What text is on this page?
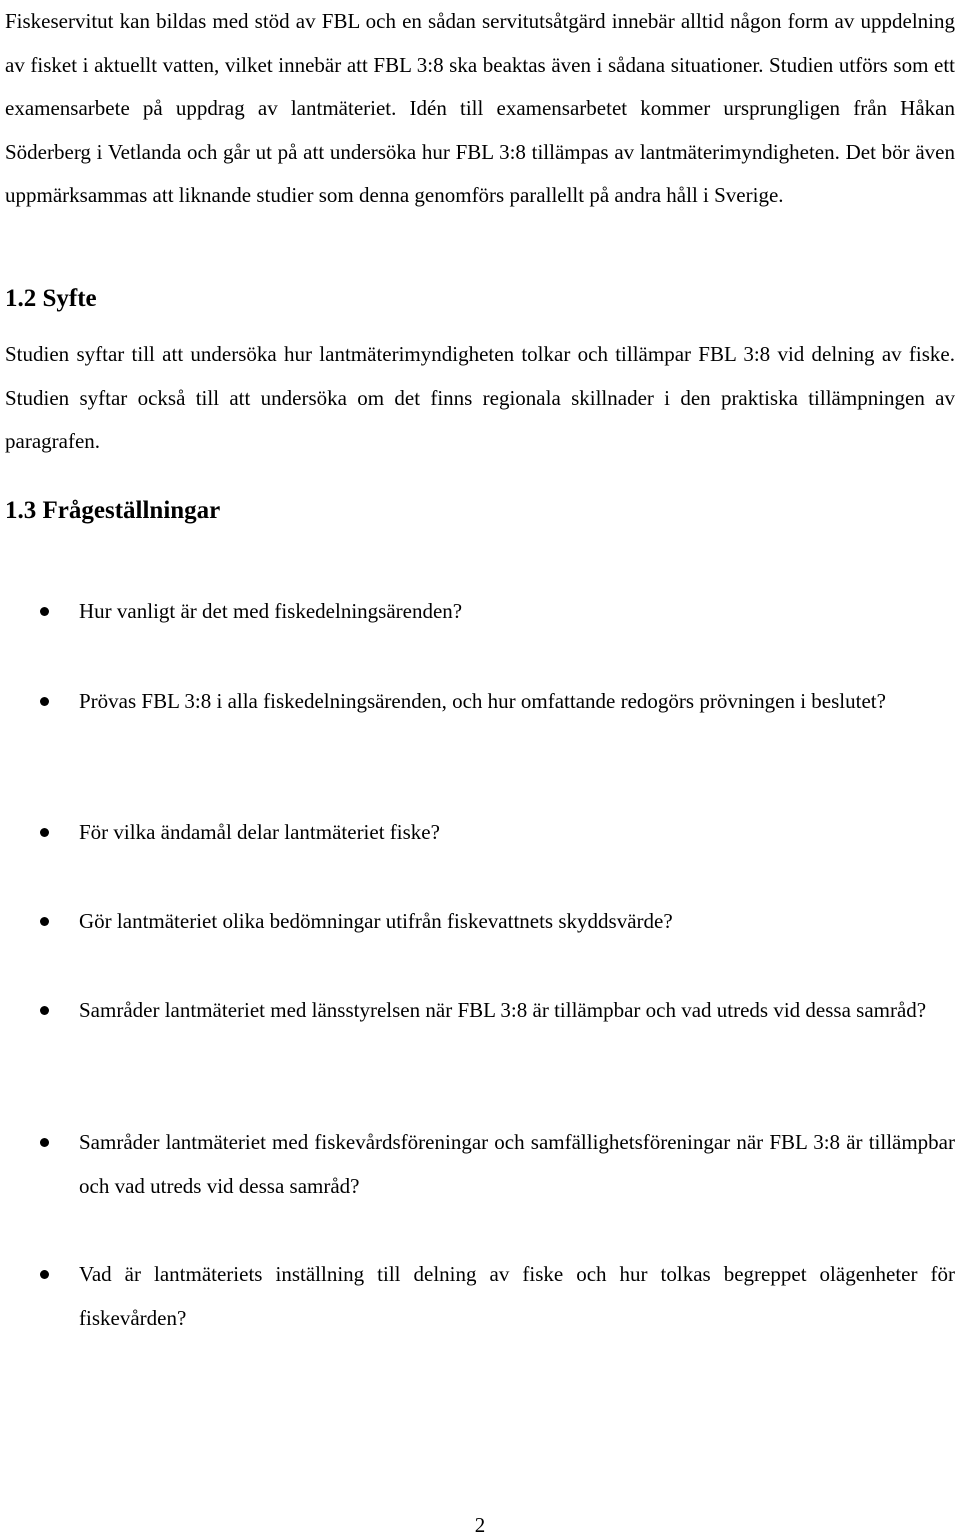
Fiskeservitut kan bildas med stöd av FBL och en sådan servitutsåtgärd innebär alltid någon form av uppdelning av fisket i aktuellt vatten, vilket innebär att FBL 3:8 ska beaktas även i sådana situationer. Studien utförs som ett examensarbete på uppdrag av lantmäteriet. Idén till examensarbetet kommer ursprungligen från Håkan Söderberg i Vetlanda och går ut på att undersöka hur FBL 3:8 tillämpas av lantmäterimyndigheten. Det bör även uppmärksammas att liknande studier som denna genomförs parallellt på andra håll i Sverige.

1.2 Syfte

Studien syftar till att undersöka hur lantmäterimyndigheten tolkar och tillämpar FBL 3:8 vid delning av fiske. Studien syftar också till att undersöka om det finns regionala skillnader i den praktiska tillämpningen av paragrafen.

1.3 Frågeställningar

Hur vanligt är det med fiskedelningsärenden?

Prövas FBL 3:8 i alla fiskedelningsärenden, och hur omfattande redogörs prövningen i beslutet?

För vilka ändamål delar lantmäteriet fiske?

Gör lantmäteriet olika bedömningar utifrån fiskevattnets skyddsvärde?

Samråder lantmäteriet med länsstyrelsen när FBL 3:8 är tillämpbar och vad utreds vid dessa samråd?

Samråder lantmäteriet med fiskevårdsföreningar och samfällighetsföreningar när FBL 3:8 är tillämpbar och vad utreds vid dessa samråd?

Vad är lantmäteriets inställning till delning av fiske och hur tolkas begreppet olägenheter för fiskevården?

2
